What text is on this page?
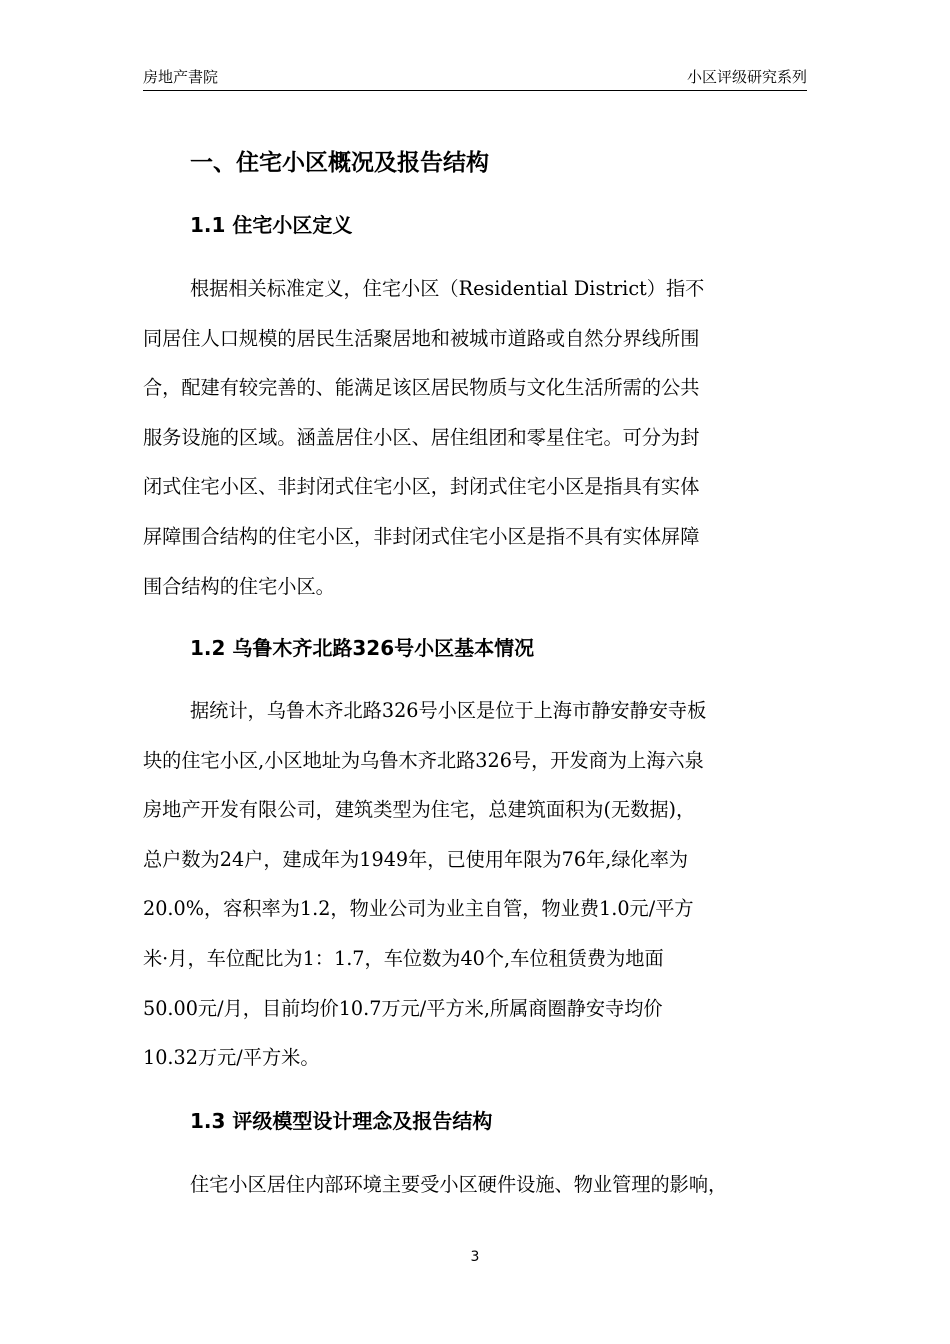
房地产書院	小区评级研究系列
一、住宅小区概况及报告结构
1.1 住宅小区定义
根据相关标准定义，住宅小区（Residential District）指不
同居住人口规模的居民生活聚居地和被城市道路或自然分界线所围
合，配建有较完善的、能满足该区居民物质与文化生活所需的公共
服务设施的区域。涵盖居住小区、居住组团和零星住宅。可分为封
闭式住宅小区、非封闭式住宅小区，封闭式住宅小区是指具有实体
屏障围合结构的住宅小区，非封闭式住宅小区是指不具有实体屏障
围合结构的住宅小区。
1.2 乌鲁木齐北路326号小区基本情况
据统计，乌鲁木齐北路326号小区是位于上海市静安静安寺板
块的住宅小区,小区地址为乌鲁木齐北路326号，开发商为上海六泉
房地产开发有限公司，建筑类型为住宅，总建筑面积为(无数据)，
总户数为24户，建成年为1949年，已使用年限为76年,绿化率为
20.0%，容积率为1.2，物业公司为业主自管，物业费1.0元/平方
米·月，车位配比为1：1.7，车位数为40个,车位租赁费为地面
50.00元/月，目前均价10.7万元/平方米,所属商圈静安寺均价
10.32万元/平方米。
1.3 评级模型设计理念及报告结构
住宅小区居住内部环境主要受小区硬件设施、物业管理的影响，
3
